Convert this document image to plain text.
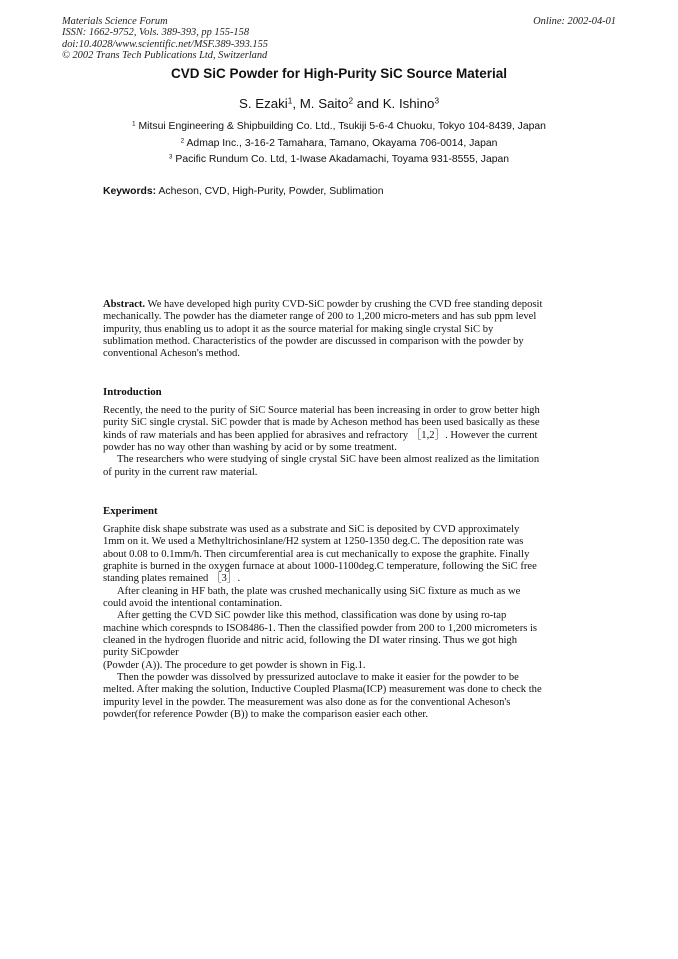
Materials Science Forum
ISSN: 1662-9752, Vols. 389-393, pp 155-158
doi:10.4028/www.scientific.net/MSF.389-393.155
© 2002 Trans Tech Publications Ltd, Switzerland
Online: 2002-04-01
CVD SiC Powder for High-Purity SiC Source Material
S. Ezaki$^1$, M. Saito$^2$ and K. Ishino$^3$
$^1$ Mitsui Engineering & Shipbuilding Co. Ltd., Tsukiji 5-6-4 Chuoku, Tokyo 104-8439, Japan
$^2$ Admap Inc., 3-16-2 Tamahara, Tamano, Okayama 706-0014, Japan
$^3$ Pacific Rundum Co. Ltd, 1-Iwase Akadamachi, Toyama 931-8555, Japan
Keywords: Acheson, CVD, High-Purity, Powder, Sublimation

Abstract. We have developed high purity CVD-SiC powder by crushing the CVD free standing deposit mechanically. The powder has the diameter range of 200 to 1,200 micro-meters and has sub ppm level impurity, thus enabling us to adopt it as the source material for making single crystal SiC by sublimation method. Characteristics of the powder are discussed in comparison with the powder by conventional Acheson's method.

Introduction

Recently, the need to the purity of SiC Source material has been increasing in order to grow better high purity SiC single crystal. SiC powder that is made by Acheson method has been used basically as these kinds of raw materials and has been applied for abrasives and refractory ［1,2］. However the current powder has no way other than washing by acid or by some treatment.

The researchers who were studying of single crystal SiC have been almost realized as the limitation of purity in the current raw material.

Experiment

Graphite disk shape substrate was used as a substrate and SiC is deposited by CVD approximately 1mm on it. We used a Methyltrichosinlane/H2 system at 1250-1350 deg.C. The deposition rate was about 0.08 to 0.1mm/h. Then circumferential area is cut mechanically to expose the graphite. Finally graphite is burned in the oxygen furnace at about 1000-1100deg.C temperature, following the SiC free standing plates remained ［3］.

After cleaning in HF bath, the plate was crushed mechanically using SiC fixture as much as we could avoid the intentional contamination.

After getting the CVD SiC powder like this method, classification was done by using ro-tap machine which corespnds to ISO8486-1. Then the classified powder from 200 to 1,200 micrometers is cleaned in the hydrogen fluoride and nitric acid, following the DI water rinsing. Thus we got high purity SiCpowder

(Powder (A)). The procedure to get powder is shown in Fig.1.

Then the powder was dissolved by pressurized autoclave to make it easier for the powder to be melted. After making the solution, Inductive Coupled Plasma(ICP) measurement was done to check the impurity level in the powder. The measurement was also done as for the conventional Acheson's powder(for reference Powder (B)) to make the comparison easier each other.
